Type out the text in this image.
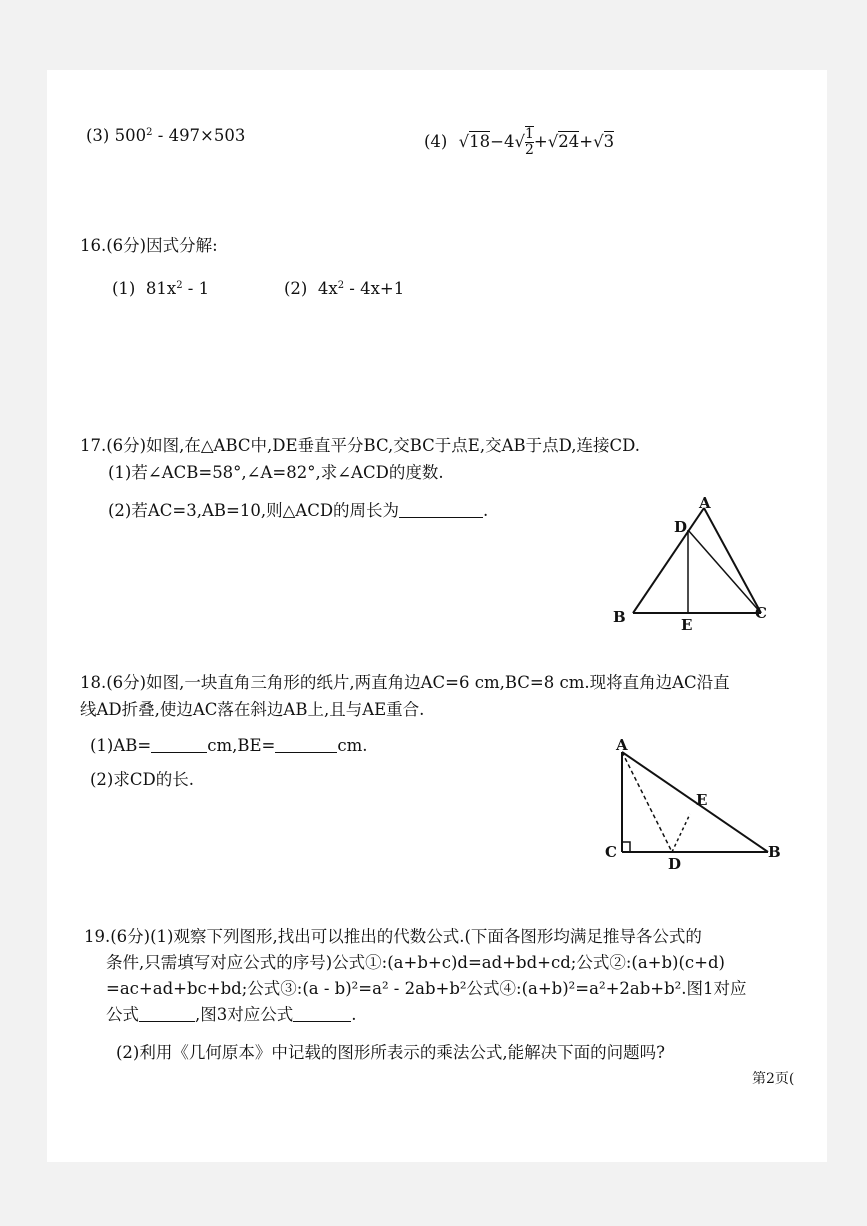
(3) $500^2 - 497\times 503$	(4) $√18-4√ \frac{1}{2} +√24+√3$
16.(6分)因式分解:
(1) $81x^2 - 1$	(2) $4x^2 - 4x+1$
17.(6分)如图,在△ABC中,DE垂直平分BC,交BC于点E,交AB于点D,连接CD.
(1)若∠ACB=58°,∠A=82°,求∠ACD的度数.
(2)若AC=3,AB=10,则△ACD的周长为	.	A
D
B	E
C
18.(6分)如图,一块直角三角形的纸片,两直角边AC=6 cm,BC=8 cm.现将直角边AC沿直
线AD折叠,使边AC落在斜边AB上,且与AE重合.
(1)AB=	cm,BE=	cm.
(2)求CD的长.
A
E
C
D
B
19.(6分)(1)观察下列图形,找出可以推出的代数公式.(下面各图形均满足推导各公式的
条件,只需填写对应公式的序号)公式①:(a+b+c)d=ad+bd+cd;公式②:(a+b)(c+d)
=ac+ad+bc+bd;公式③:(a - b)²=a² - 2ab+b²公式④:(a+b)²=a²+2ab+b².图1对应
公式	,图3对应公式	.
(2)利用《几何原本》中记载的图形所表示的乘法公式,能解决下面的问题吗?
第2页(
